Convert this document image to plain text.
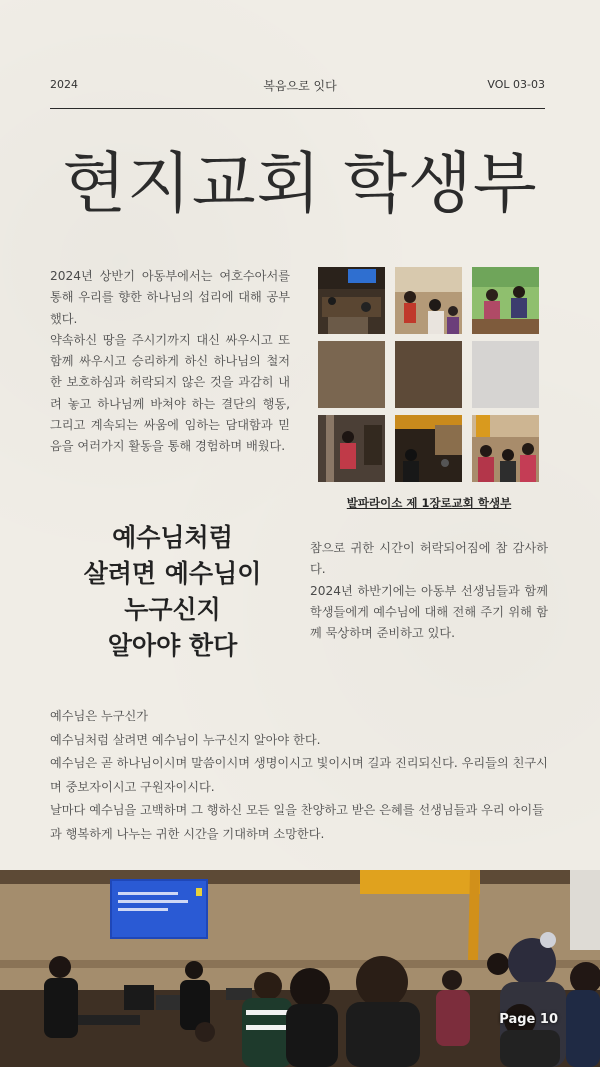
2024	복음으로 잇다	VOL 03-03
현지교회 학생부

2024년 상반기 아동부에서는 여호수아서를 통해 우리를 향한 하나님의 섭리에 대해 공부했다.

약속하신 땅을 주시기까지 대신 싸우시고 또 함께 싸우시고 승리하게 하신 하나님의 철저한 보호하심과 허락되지 않은 것을 과감히 내려 놓고 하나님께 바쳐야 하는 결단의 행동, 그리고 계속되는 싸움에 임하는 담대함과 믿음을 여러가지 활동을 통해 경험하며 배웠다.

발파라이소 제 1장로교회 학생부
예수님처럼
살려면 예수님이
누구신지
알아야 한다

참으로 귀한 시간이 허락되어짐에 참 감사하다.

2024년 하반기에는 아동부 선생님들과 함께 학생들에게 예수님에 대해 전해 주기 위해 함께 묵상하며 준비하고 있다.

예수님은 누구신가

예수님처럼 살려면 예수님이 누구신지 알아야 한다.

예수님은 곧 하나님이시며 말씀이시며 생명이시고 빛이시며 길과 진리되신다. 우리들의 친구시며 중보자이시고 구원자이시다.

날마다 예수님을 고백하며 그 행하신 모든 일을 찬양하고 받은 은혜를 선생님들과 우리 아이들과 행복하게 나누는 귀한 시간을 기대하며 소망한다.

Page 10
